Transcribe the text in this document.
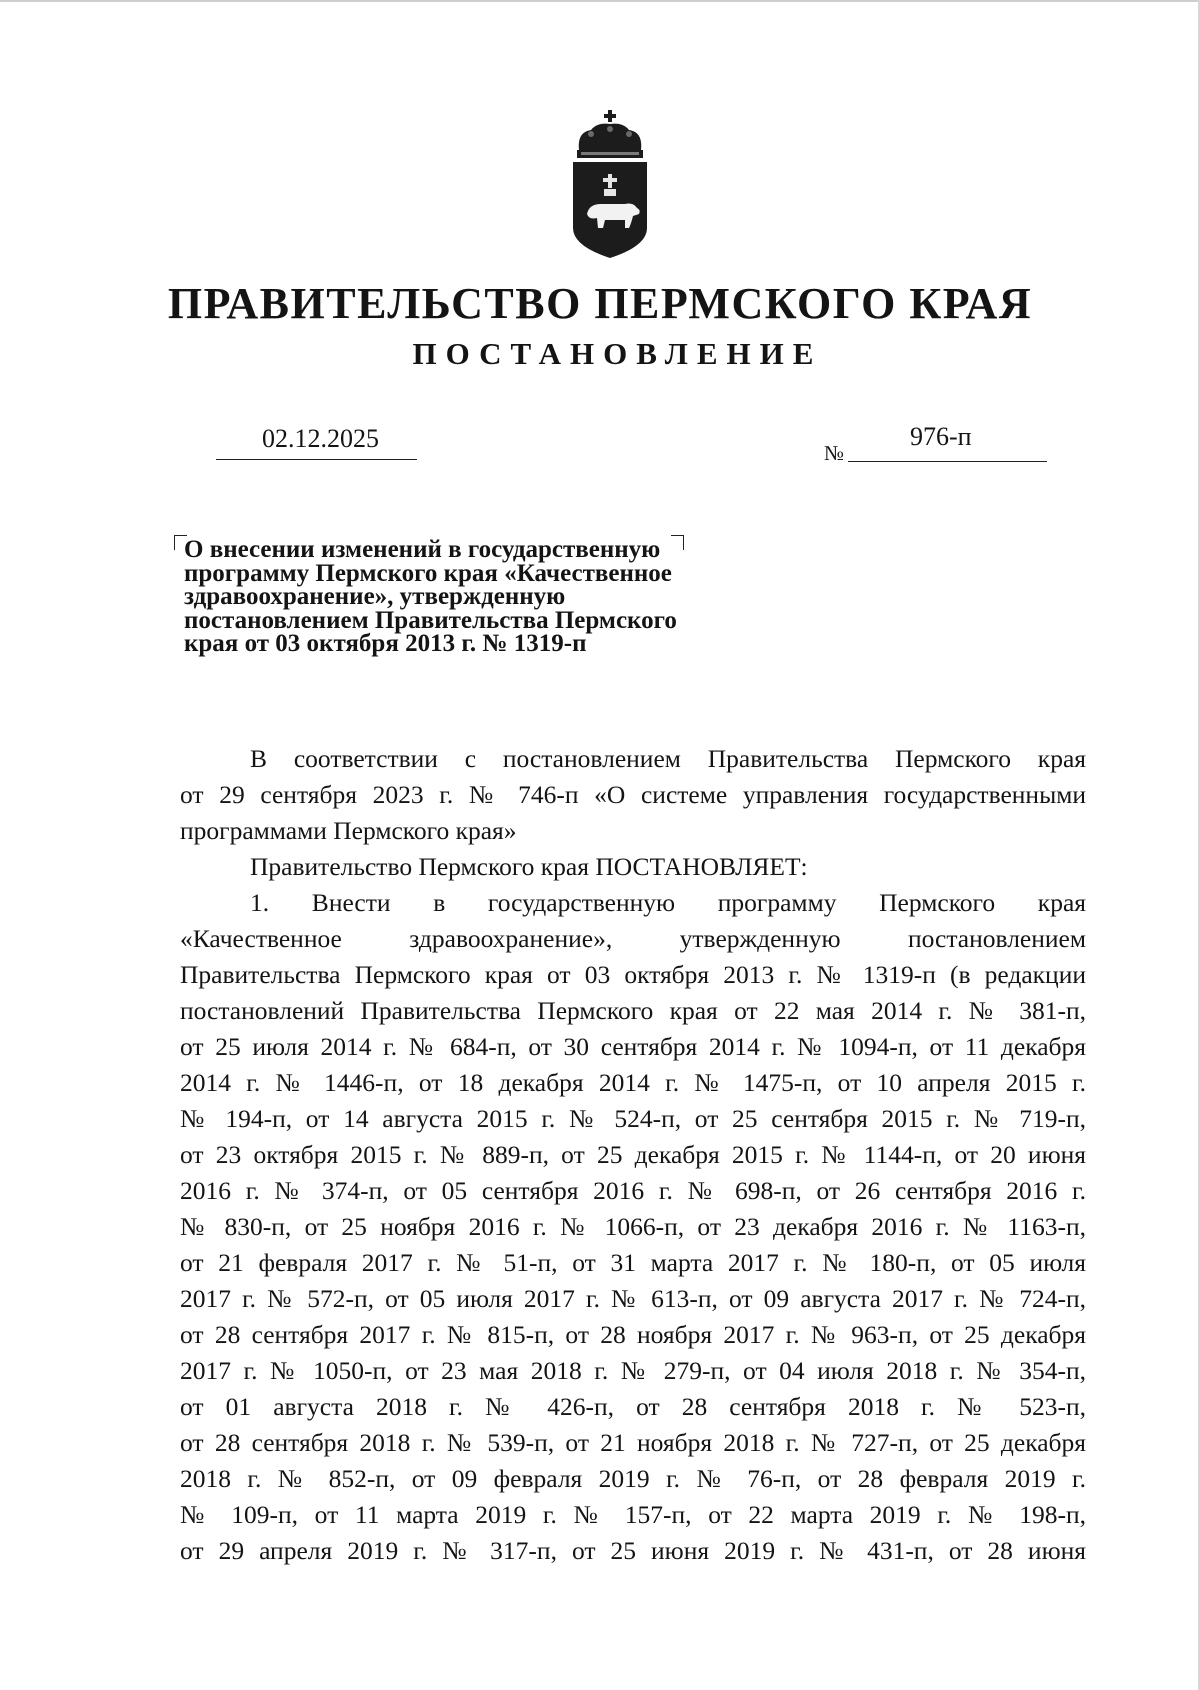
ПРАВИТЕЛЬСТВО ПЕРМСКОГО КРАЯ
ПОСТАНОВЛЕНИЕ
02.12.2025	№
976-п
О внесении изменений в государственную
программу Пермского края «Качественное
здравоохранение», утвержденную
постановлением Правительства Пермского
края от 03 октября 2013 г. № 1319-п
В соответствии с постановлением Правительства Пермского края
от 29 сентября 2023 г. № 746-п «О системе управления государственными
программами Пермского края»
Правительство Пермского края ПОСТАНОВЛЯЕТ:
1. Внести в государственную программу Пермского края
«Качественное здравоохранение», утвержденную постановлением
Правительства Пермского края от 03 октября 2013 г. № 1319-п (в редакции
постановлений Правительства Пермского края от 22 мая 2014 г. № 381-п,
от 25 июля 2014 г. № 684-п, от 30 сентября 2014 г. № 1094-п, от 11 декабря
2014 г. № 1446-п, от 18 декабря 2014 г. № 1475-п, от 10 апреля 2015 г.
№ 194-п, от 14 августа 2015 г. № 524-п, от 25 сентября 2015 г. № 719-п,
от 23 октября 2015 г. № 889-п, от 25 декабря 2015 г. № 1144-п, от 20 июня
2016 г. № 374-п, от 05 сентября 2016 г. № 698-п, от 26 сентября 2016 г.
№ 830-п, от 25 ноября 2016 г. № 1066-п, от 23 декабря 2016 г. № 1163-п,
от 21 февраля 2017 г. № 51-п, от 31 марта 2017 г. № 180-п, от 05 июля
2017 г. № 572-п, от 05 июля 2017 г. № 613-п, от 09 августа 2017 г. № 724-п,
от 28 сентября 2017 г. № 815-п, от 28 ноября 2017 г. № 963-п, от 25 декабря
2017 г. № 1050-п, от 23 мая 2018 г. № 279-п, от 04 июля 2018 г. № 354-п,
от 01 августа 2018 г. № 426-п, от 28 сентября 2018 г. № 523-п,
от 28 сентября 2018 г. № 539-п, от 21 ноября 2018 г. № 727-п, от 25 декабря
2018 г. № 852-п, от 09 февраля 2019 г. № 76-п, от 28 февраля 2019 г.
№ 109-п, от 11 марта 2019 г. № 157-п, от 22 марта 2019 г. № 198-п,
от 29 апреля 2019 г. № 317-п, от 25 июня 2019 г. № 431-п, от 28 июня
